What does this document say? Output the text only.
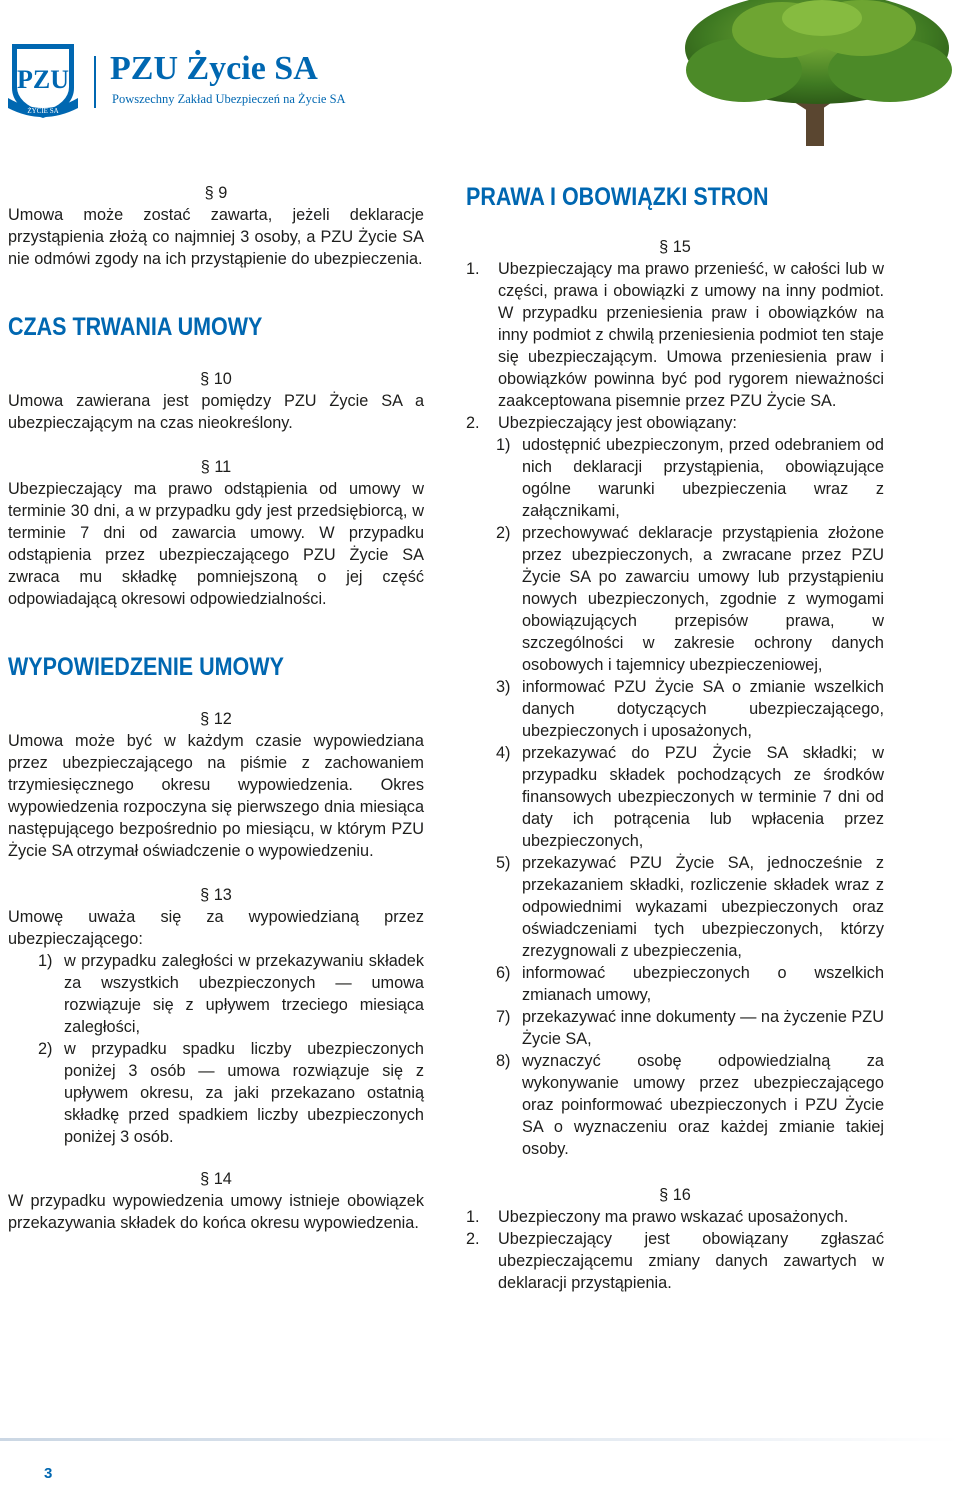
PZU
ŻYCIE SA
PZU Życie SA
Powszechny Zakład Ubezpieczeń na Życie SA
§ 9

Umowa może zostać zawarta, jeżeli deklaracje przystąpienia złożą co najmniej 3 osoby, a PZU Życie SA nie odmówi zgody na ich przystąpienie do ubezpieczenia.

CZAS TRWANIA UMOWY
§ 10

Umowa zawierana jest pomiędzy PZU Życie SA a ubezpieczającym na czas nieokreślony.

§ 11

Ubezpieczający ma prawo odstąpienia od umowy w terminie 30 dni, a w przypadku gdy jest przedsiębiorcą, w terminie 7 dni od zawarcia umowy. W przypadku odstąpienia przez ubezpieczającego PZU Życie SA zwraca mu składkę pomniejszoną o jej część odpowiadającą okresowi odpowiedzialności.

WYPOWIEDZENIE UMOWY
§ 12

Umowa może być w każdym czasie wypowiedziana przez ubezpieczającego na piśmie z zachowaniem trzymiesięcznego okresu wypowiedzenia. Okres wypowiedzenia rozpoczyna się pierwszego dnia miesiąca następującego bezpośrednio po miesiącu, w którym PZU Życie SA otrzymał oświadczenie o wypowiedzeniu.

§ 13

Umowę uważa się za wypowiedzianą przez ubezpieczającego:

1) w przypadku zaległości w przekazywaniu składek za wszystkich ubezpieczonych — umowa rozwiązuje się z upływem trzeciego miesiąca zaległości,
2) w przypadku spadku liczby ubezpieczonych poniżej 3 osób — umowa rozwiązuje się z upływem okresu, za jaki przekazano ostatnią składkę przed spadkiem liczby ubezpieczonych poniżej 3 osób.
§ 14

W przypadku wypowiedzenia umowy istnieje obowiązek przekazywania składek do końca okresu wypowiedzenia.

PRAWA I OBOWIĄZKI STRON
§ 15
1. Ubezpieczający ma prawo przenieść, w całości lub w części, prawa i obowiązki z umowy na inny podmiot. W przypadku przeniesienia praw i obowiązków na inny podmiot z chwilą przeniesienia podmiot ten staje się ubezpieczającym. Umowa przeniesienia praw i obowiązków powinna być pod rygorem nieważności zaakceptowana pisemnie przez PZU Życie SA.
2. Ubezpieczający jest obowiązany:
1) udostępnić ubezpieczonym, przed odebraniem od nich deklaracji przystąpienia, obowiązujące ogólne warunki ubezpieczenia wraz z załącznikami,
2) przechowywać deklaracje przystąpienia złożone przez ubezpieczonych, a zwracane przez PZU Życie SA po zawarciu umowy lub przystąpieniu nowych ubezpieczonych, zgodnie z wymogami obowiązujących przepisów prawa, w szczególności w zakresie ochrony danych osobowych i tajemnicy ubezpieczeniowej,
3) informować PZU Życie SA o zmianie wszelkich danych dotyczących ubezpieczającego, ubezpieczonych i uposażonych,
4) przekazywać do PZU Życie SA składki; w przypadku składek pochodzących ze środków finansowych ubezpieczonych w terminie 7 dni od daty ich potrącenia lub wpłacenia przez ubezpieczonych,
5) przekazywać PZU Życie SA, jednocześnie z przekazaniem składki, rozliczenie składek wraz z odpowiednimi wykazami ubezpieczonych oraz oświadczeniami tych ubezpieczonych, którzy zrezygnowali z ubezpieczenia,
6) informować ubezpieczonych o wszelkich zmianach umowy,
7) przekazywać inne dokumenty — na życzenie PZU Życie SA,
8) wyznaczyć osobę odpowiedzialną za wykonywanie umowy przez ubezpieczającego oraz poinformować ubezpieczonych i PZU Życie SA o wyznaczeniu oraz każdej zmianie takiej osoby.
§ 16
1. Ubezpieczony ma prawo wskazać uposażonych.
2. Ubezpieczający jest obowiązany zgłaszać ubezpieczającemu zmiany danych zawartych w deklaracji przystąpienia.
3
